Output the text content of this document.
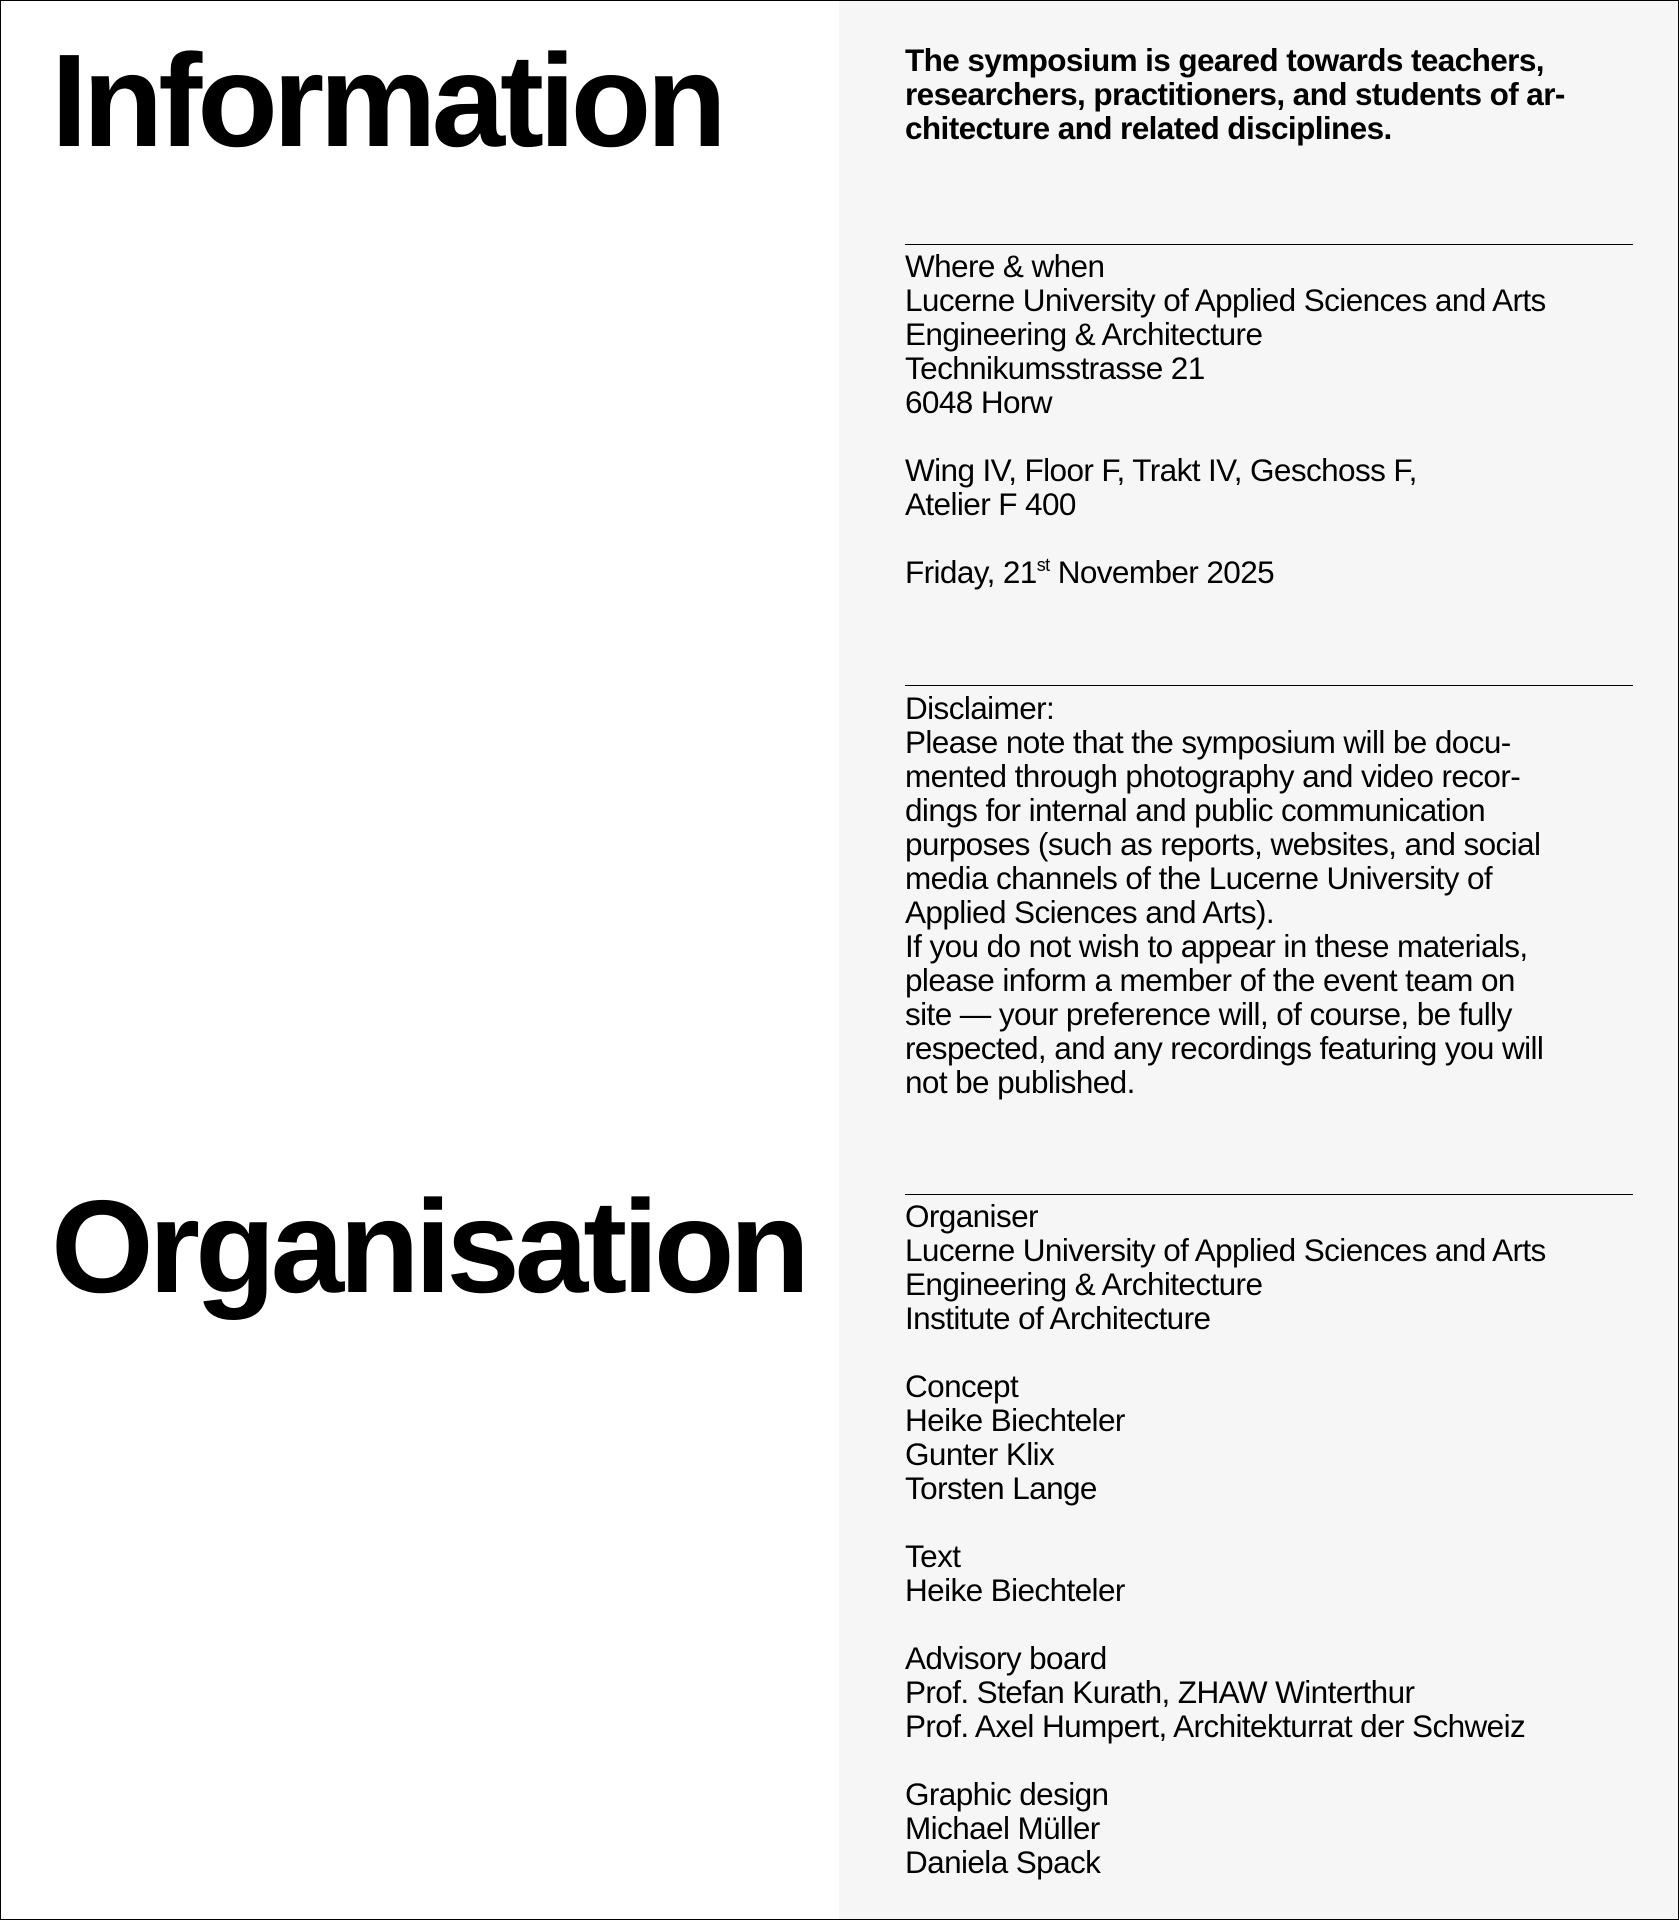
Information
Organisation
The symposium is geared towards teachers,
researchers, practitioners, and students of ar-
chitecture and related disciplines.

Where & when

Lucerne University of Applied Sciences and Arts

Engineering & Architecture

Technikumsstrasse 21

6048 Horw

Wing IV, Floor F, Trakt IV, Geschoss F,

Atelier F 400

Friday, 21st November 2025

Disclaimer:

Please note that the symposium will be docu-

mented through photography and video recor-

dings for internal and public communication

purposes (such as reports, websites, and social

media channels of the Lucerne University of

Applied Sciences and Arts).

If you do not wish to appear in these materials,

please inform a member of the event team on

site — your preference will, of course, be fully

respected, and any recordings featuring you will

not be published.

Organiser

Lucerne University of Applied Sciences and Arts

Engineering & Architecture

Institute of Architecture

Concept

Heike Biechteler

Gunter Klix

Torsten Lange

Text

Heike Biechteler

Advisory board

Prof. Stefan Kurath, ZHAW Winterthur

Prof. Axel Humpert, Architekturrat der Schweiz

Graphic design

Michael Müller

Daniela Spack
